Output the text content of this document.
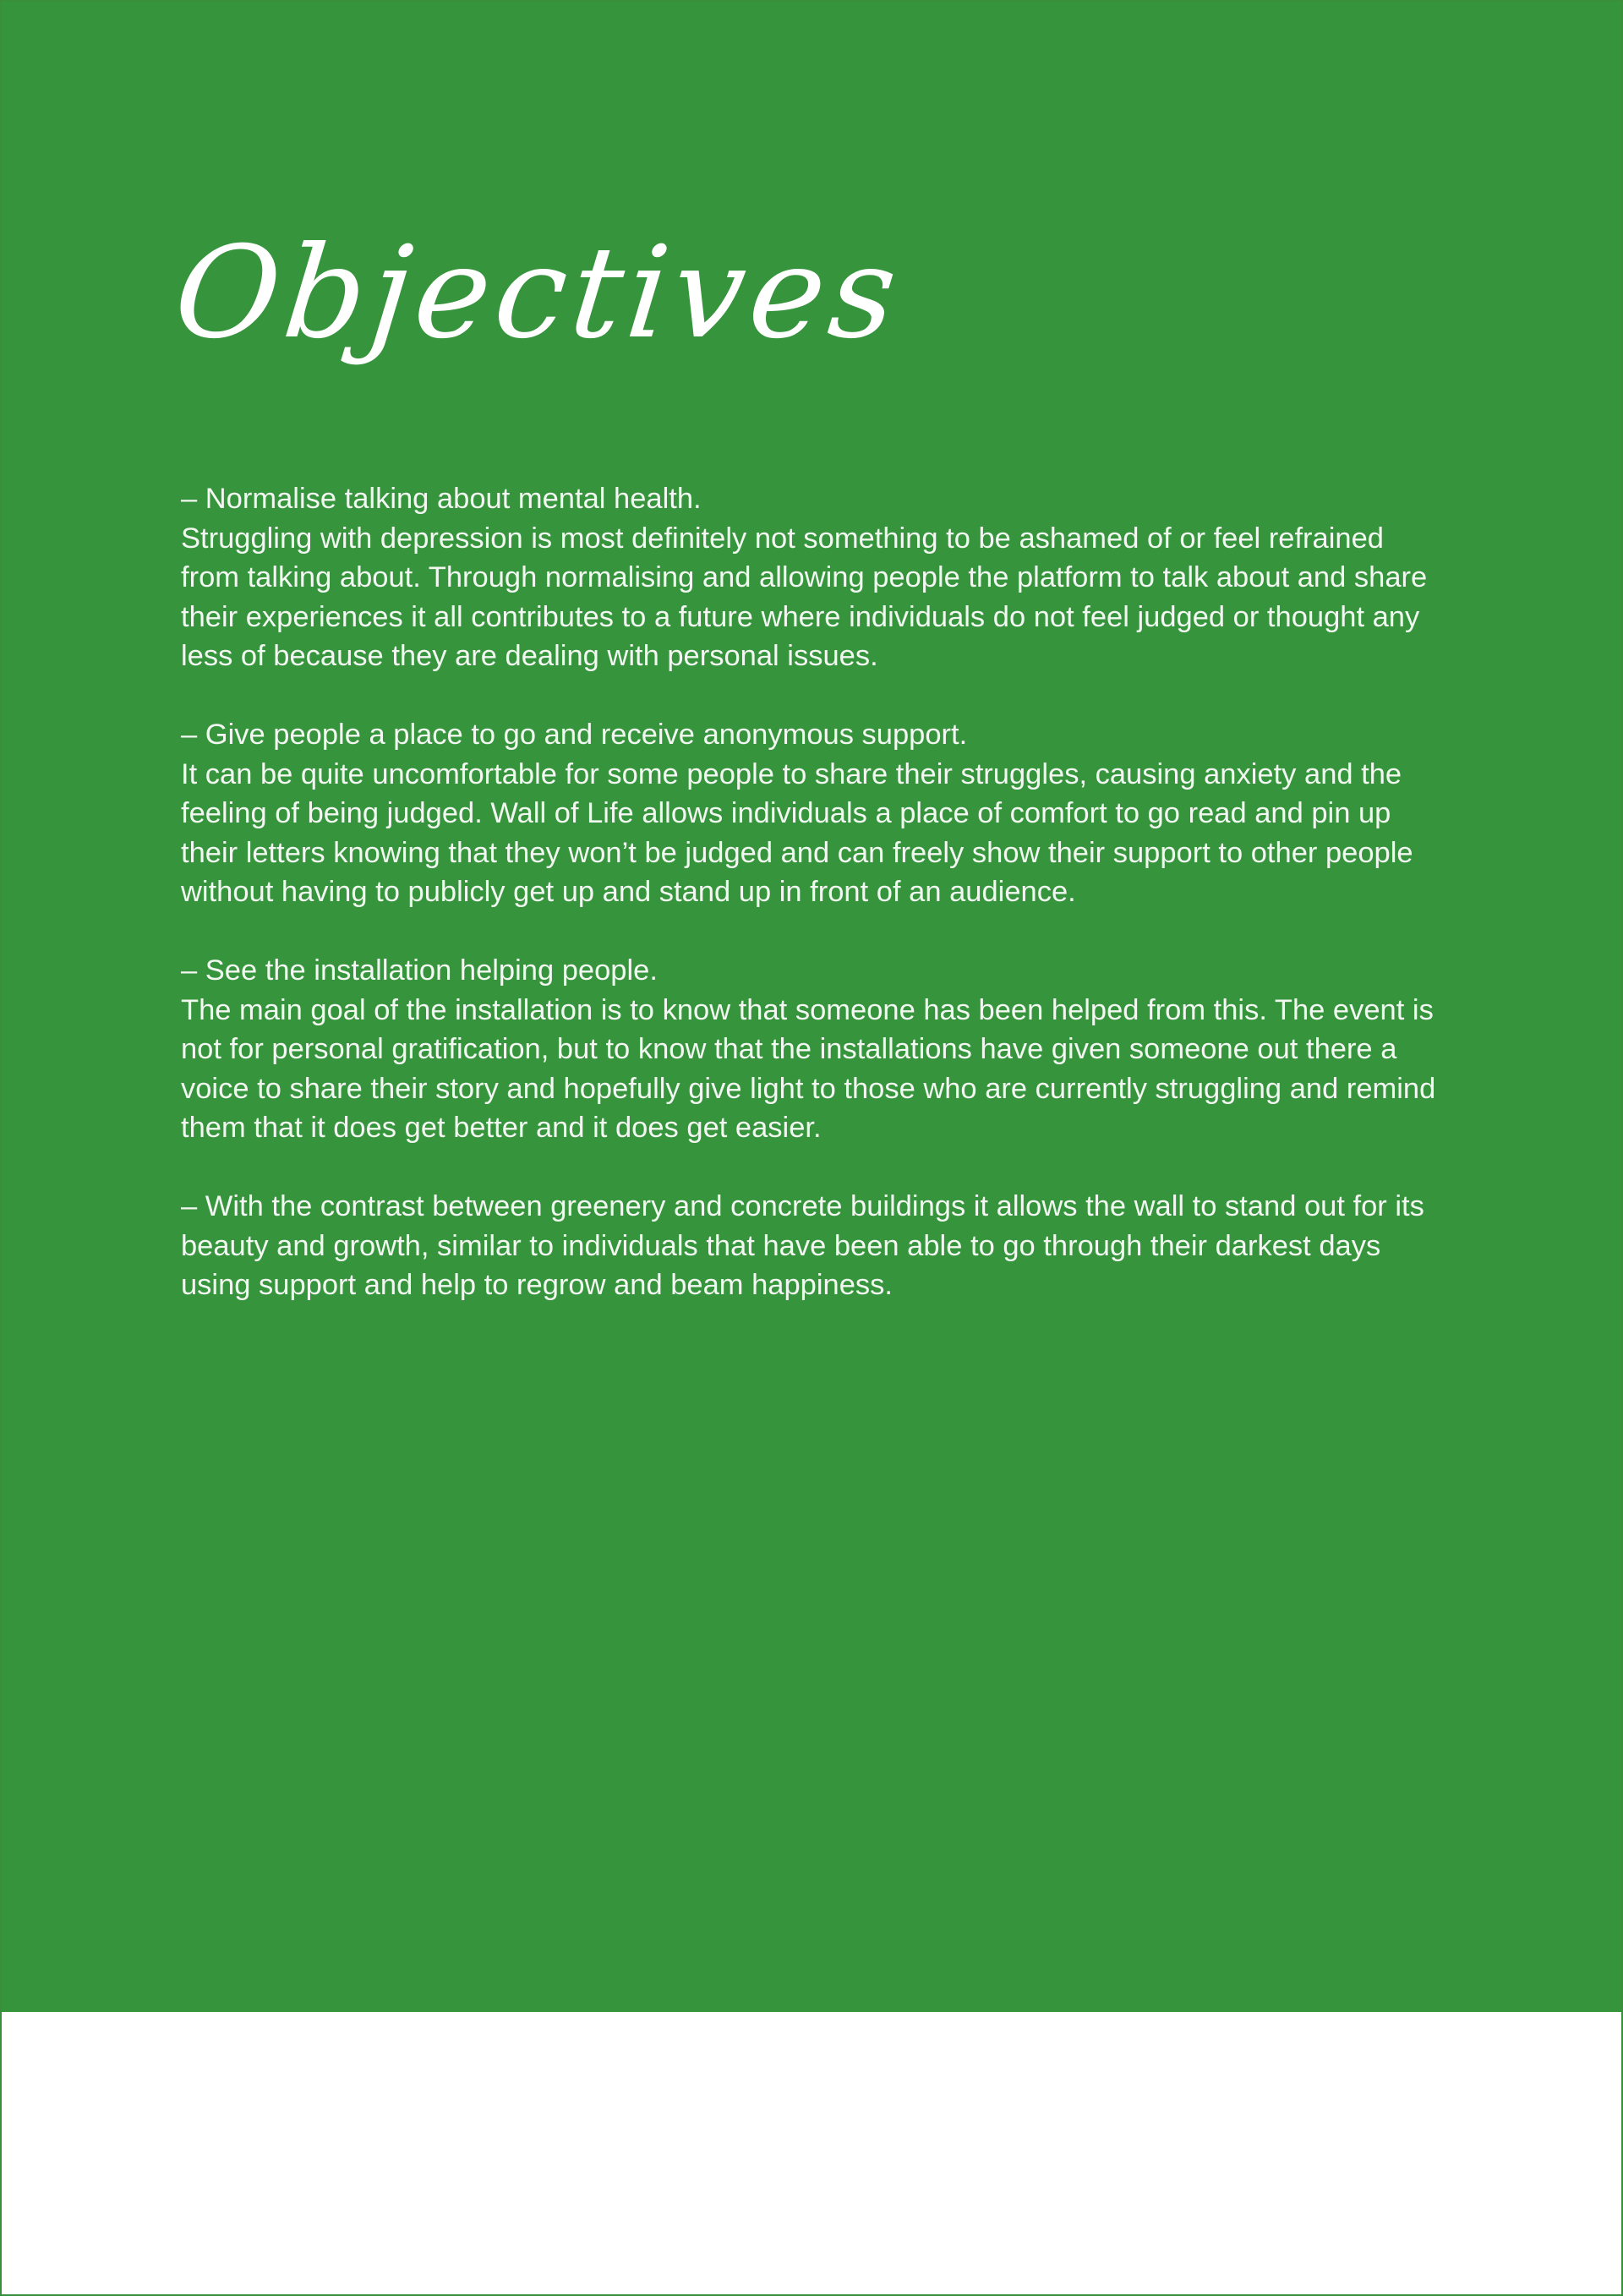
Objectives

– Normalise talking about mental health.

Struggling with depression is most definitely not something to be ashamed of or feel refrained from talking about. Through normalising and allowing people the platform to talk about and share their experiences it all contributes to a future where individuals do not feel judged or thought any less of because they are dealing with personal issues.

– Give people a place to go and receive anonymous support.

It can be quite uncomfortable for some people to share their struggles, causing anxiety and the feeling of being judged. Wall of Life allows individuals a place of comfort to go read and pin up their letters knowing that they won’t be judged and can freely show their support to other people without having to publicly get up and stand up in front of an audience.

– See the installation helping people.

The main goal of the installation is to know that someone has been helped from this. The event is not for personal gratification, but to know that the installations have given someone out there a voice to share their story and hopefully give light to those who are currently struggling and remind them that it does get better and it does get easier.

– With the contrast between greenery and concrete buildings it allows the wall to stand out for its beauty and growth, similar to individuals that have been able to go through their darkest days using support and help to regrow and beam happiness.
